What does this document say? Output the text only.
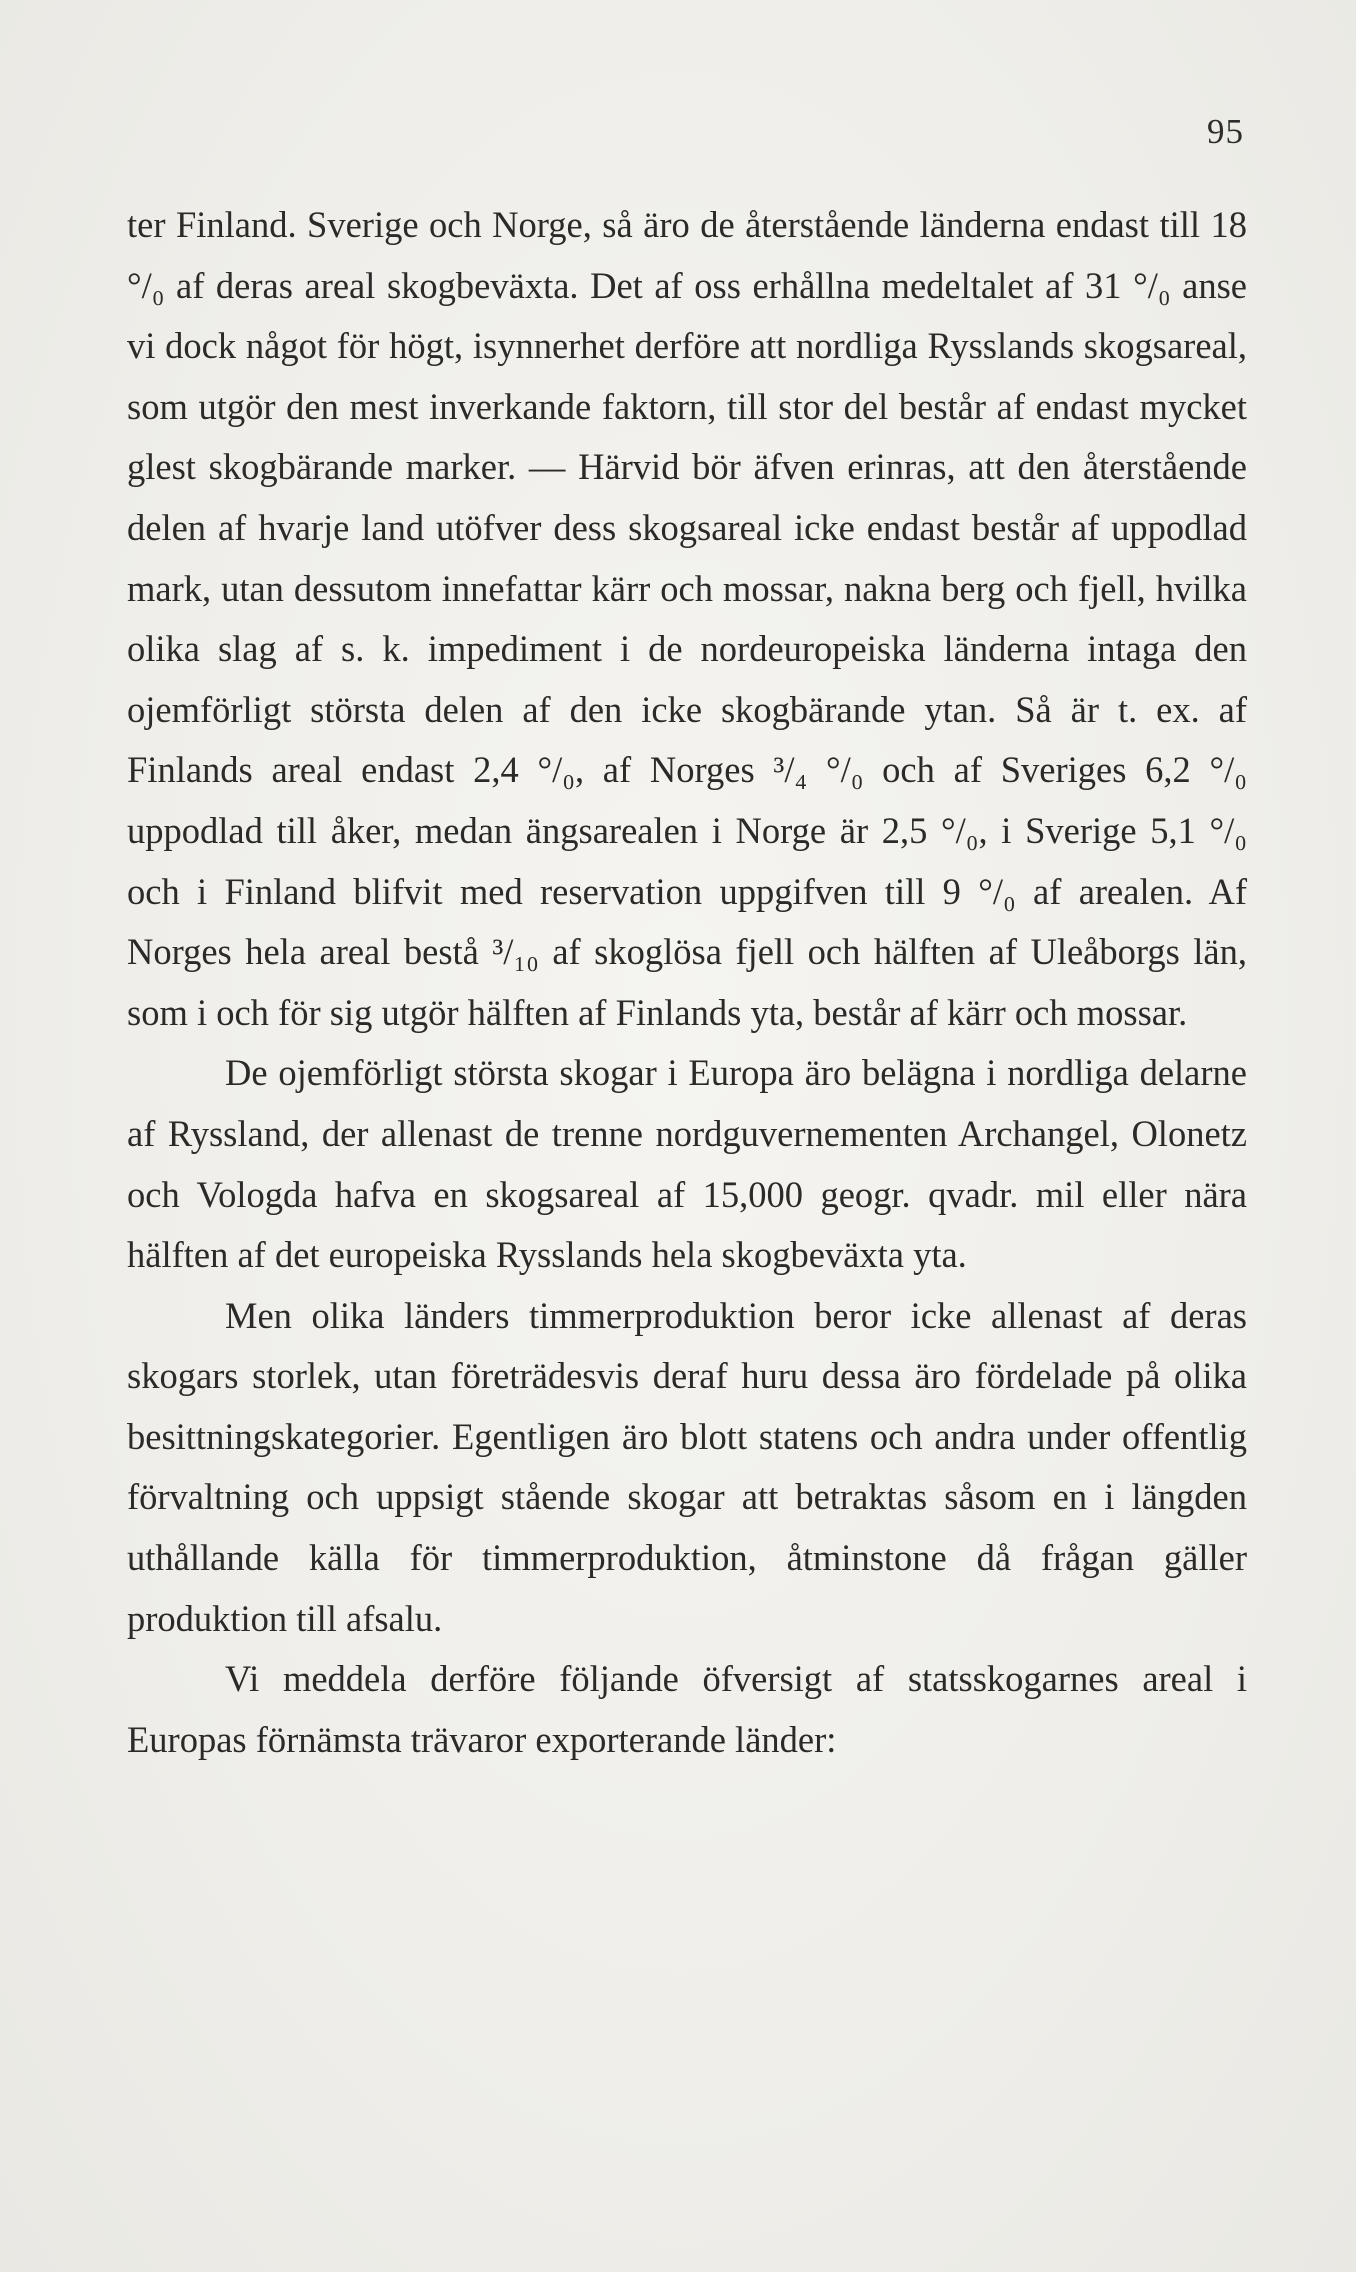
95

ter Finland. Sverige och Norge, så äro de återstående länderna endast till 18 °/₀ af deras areal skogbeväxta. Det af oss erhållna medeltalet af 31 °/₀ anse vi dock något för högt, isynnerhet derföre att nordliga Rysslands skogsareal, som utgör den mest inverkande faktorn, till stor del består af endast mycket glest skogbärande marker. — Härvid bör äfven erinras, att den återstående delen af hvarje land utöfver dess skogsareal icke endast består af uppodlad mark, utan dessutom innefattar kärr och mossar, nakna berg och fjell, hvilka olika slag af s. k. impediment i de nordeuropeiska länderna intaga den ojemförligt största delen af den icke skogbärande ytan. Så är t. ex. af Finlands areal endast 2,4 °/₀, af Norges ³/₄ °/₀ och af Sveriges 6,2 °/₀ uppodlad till åker, medan ängsarealen i Norge är 2,5 °/₀, i Sverige 5,1 °/₀ och i Finland blifvit med reservation uppgifven till 9 °/₀ af arealen. Af Norges hela areal bestå ³/₁₀ af skoglösa fjell och hälften af Uleåborgs län, som i och för sig utgör hälften af Finlands yta, består af kärr och mossar.

De ojemförligt största skogar i Europa äro belägna i nordliga delarne af Ryssland, der allenast de trenne nordguvernementen Archangel, Olonetz och Vologda hafva en skogsareal af 15,000 geogr. qvadr. mil eller nära hälften af det europeiska Rysslands hela skogbeväxta yta.

Men olika länders timmerproduktion beror icke allenast af deras skogars storlek, utan företrädesvis deraf huru dessa äro fördelade på olika besittningskategorier. Egentligen äro blott statens och andra under offentlig förvaltning och uppsigt stående skogar att betraktas såsom en i längden uthållande källa för timmerproduktion, åtminstone då frågan gäller produktion till afsalu.

Vi meddela derföre följande öfversigt af statsskogarnes areal i Europas förnämsta trävaror exporterande länder:
